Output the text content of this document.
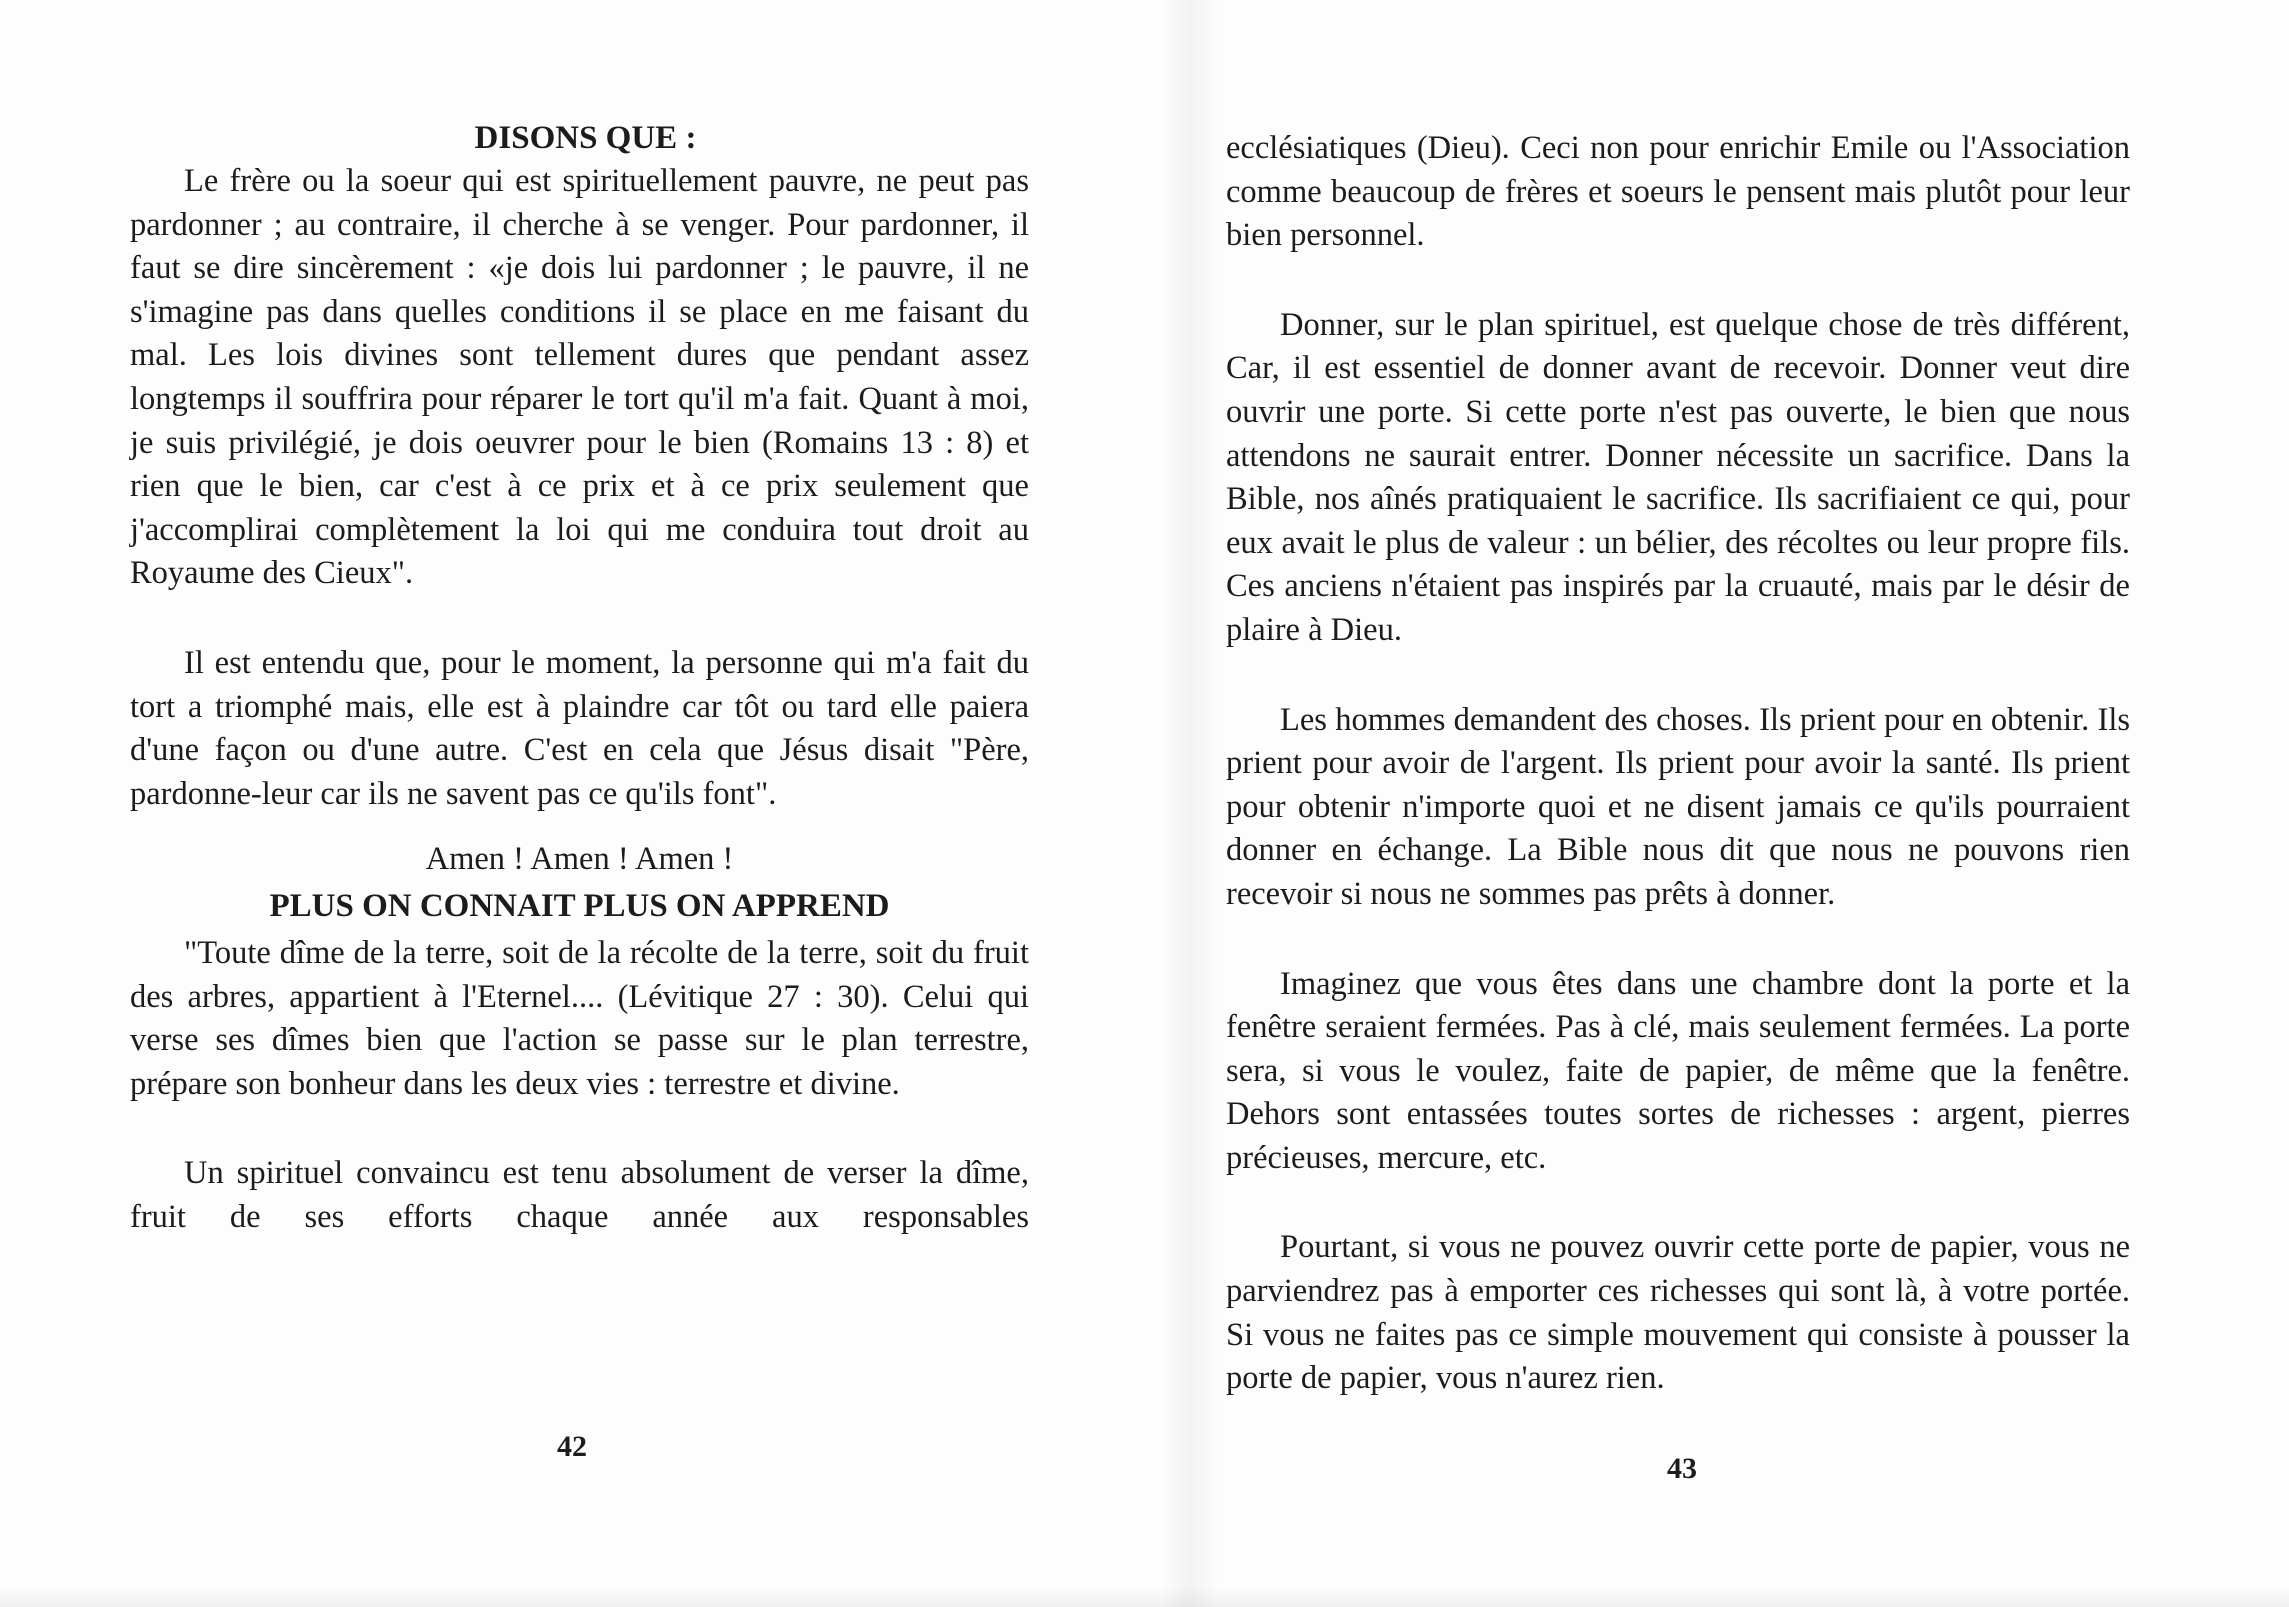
DISONS QUE :

Le frère ou la soeur qui est spirituellement pauvre, ne peut pas pardonner ; au contraire, il cherche à se venger. Pour pardonner, il faut se dire sincèrement : «je dois lui pardonner ; le pauvre, il ne s'imagine pas dans quelles conditions il se place en me faisant du mal. Les lois divines sont tellement dures que pendant assez longtemps il souffrira pour réparer le tort qu'il m'a fait. Quant à moi, je suis privilégié, je dois oeuvrer pour le bien (Romains 13 : 8) et rien que le bien, car c'est à ce prix et à ce prix seulement que j'accomplirai complètement la loi qui me conduira tout droit au Royaume des Cieux".

Il est entendu que, pour le moment, la personne qui m'a fait du tort a triomphé mais, elle est à plaindre car tôt ou tard elle paiera d'une façon ou d'une autre. C'est en cela que Jésus disait "Père, pardonne-leur car ils ne savent pas ce qu'ils font".

Amen ! Amen ! Amen !

PLUS ON CONNAIT PLUS ON APPREND

"Toute dîme de la terre, soit de la récolte de la terre, soit du fruit des arbres, appartient à l'Eternel.... (Lévitique 27 : 30). Celui qui verse ses dîmes bien que l'action se passe sur le plan terrestre, prépare son bonheur dans les deux vies : terrestre et divine.

Un spirituel convaincu est tenu absolument de verser la dîme, fruit de ses efforts chaque année aux responsables

42

ecclésiatiques (Dieu). Ceci non pour enrichir Emile ou l'Association comme beaucoup de frères et soeurs le pensent mais plutôt pour leur bien personnel.

Donner, sur le plan spirituel, est quelque chose de très différent, Car, il est essentiel de donner avant de recevoir. Donner veut dire ouvrir une porte. Si cette porte n'est pas ouverte, le bien que nous attendons ne saurait entrer. Donner nécessite un sacrifice. Dans la Bible, nos aînés pratiquaient le sacrifice. Ils sacrifiaient ce qui, pour eux avait le plus de valeur : un bélier, des récoltes ou leur propre fils. Ces anciens n'étaient pas inspirés par la cruauté, mais par le désir de plaire à Dieu.

Les hommes demandent des choses. Ils prient pour en obtenir. Ils prient pour avoir de l'argent. Ils prient pour avoir la santé. Ils prient pour obtenir n'importe quoi et ne disent jamais ce qu'ils pourraient donner en échange. La Bible nous dit que nous ne pouvons rien recevoir si nous ne sommes pas prêts à donner.

Imaginez que vous êtes dans une chambre dont la porte et la fenêtre seraient fermées. Pas à clé, mais seulement fermées. La porte sera, si vous le voulez, faite de papier, de même que la fenêtre. Dehors sont entassées toutes sortes de richesses : argent, pierres précieuses, mercure, etc.

Pourtant, si vous ne pouvez ouvrir cette porte de papier, vous ne parviendrez pas à emporter ces richesses qui sont là, à votre portée. Si vous ne faites pas ce simple mouvement qui consiste à pousser la porte de papier, vous n'aurez rien.

43
